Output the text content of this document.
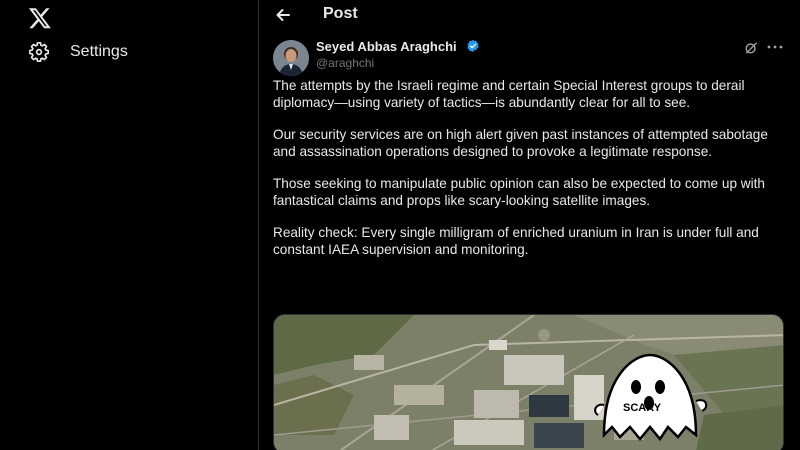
Settings
Post
Seyed Abbas Araghchi
@araghchi

The attempts by the Israeli regime and certain Special Interest groups to derail diplomacy—using variety of tactics—is abundantly clear for all to see.

Our security services are on high alert given past instances of attempted sabotage and assassination operations designed to provoke a legitimate response.

Those seeking to manipulate public opinion can also be expected to come up with fantastical claims and props like scary-looking satellite images.

Reality check: Every single milligram of enriched uranium in Iran is under full and constant IAEA supervision and monitoring.

SCARY
